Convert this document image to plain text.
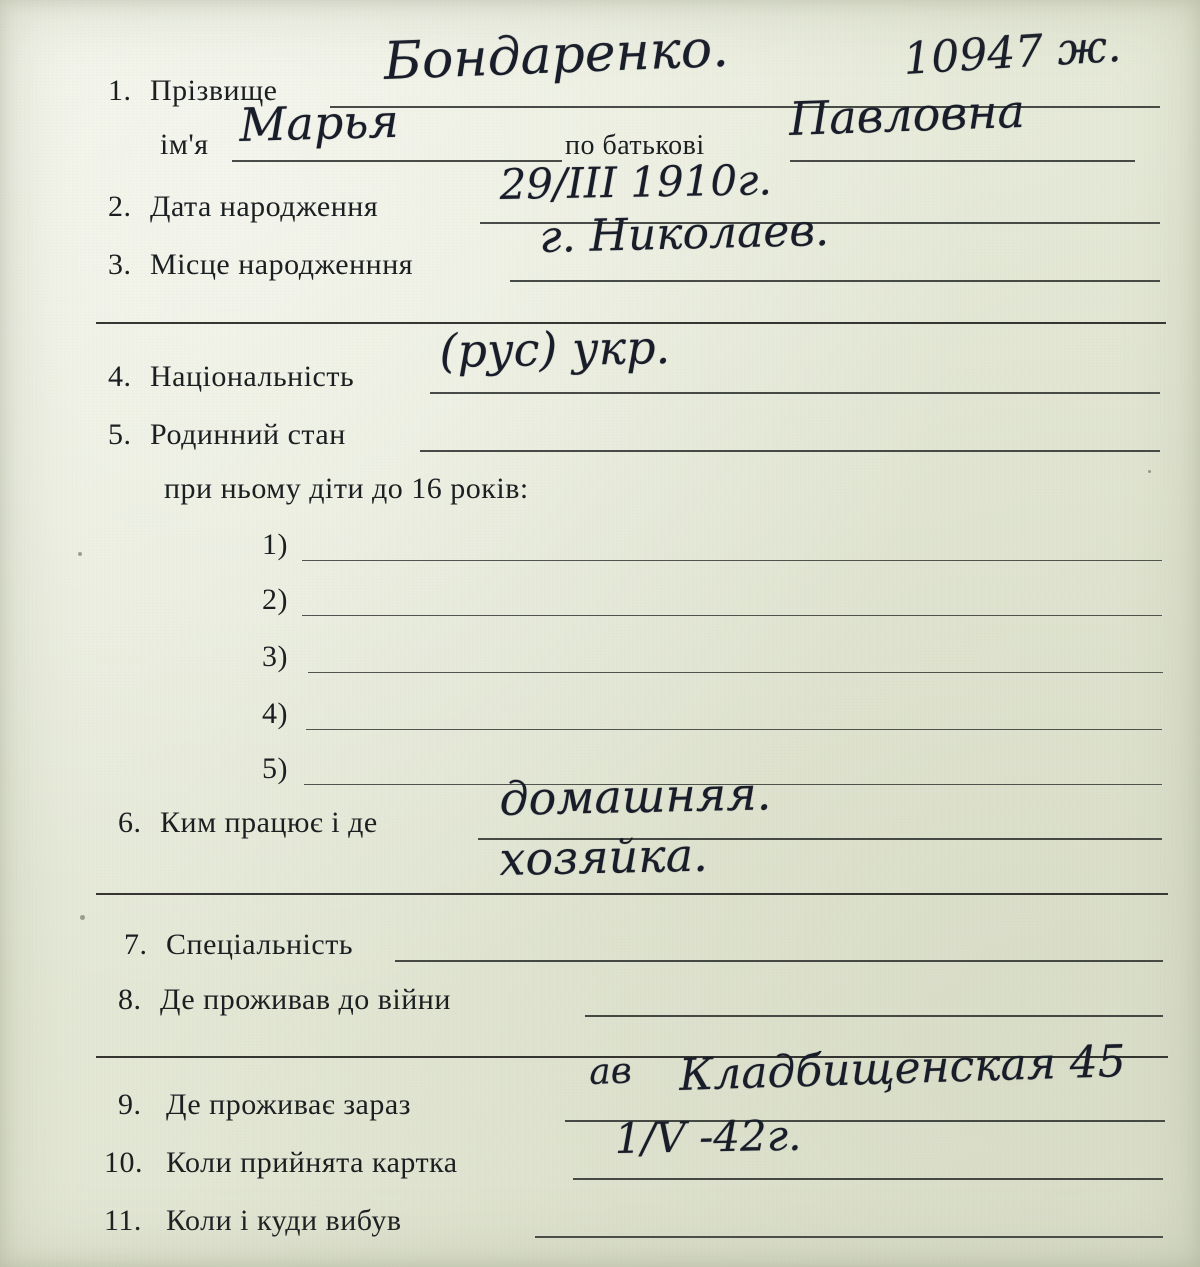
1. Прізвище Бондаренко.	10947 ж.
ім'я	по батькові
Марья	Павловна
2. Дата народження	29/III 1910г.
3. Місце народженння
г. Николаев.
4. Національність (рус) укр.
5. Родинний стан
при ньому діти до 16 років:
1)
2)
3)
4)
5)
6. Ким працює і де	домашняя.
хозяйка.
7. Спеціальність
8. Де проживав до війни
9. Де проживає зараз
ав Кладбищенская 45
10. Коли прийнята картка	1/V -42г.
11. Коли і куди вибув
